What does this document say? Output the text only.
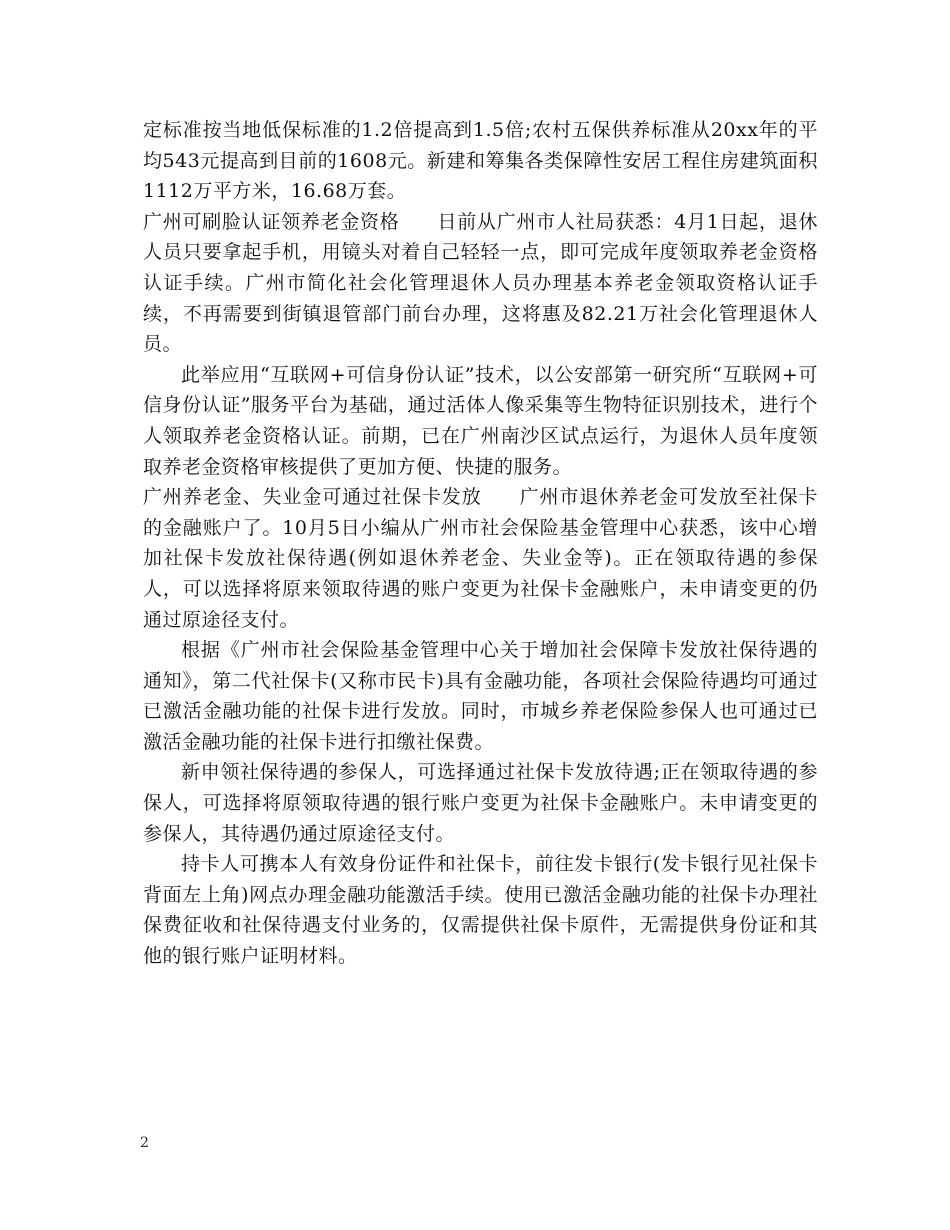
定标准按当地低保标准的1.2倍提高到1.5倍;农村五保供养标准从20xx年的平均543元提高到目前的1608元。新建和筹集各类保障性安居工程住房建筑面积1112万平方米，16.68万套。

广州可刷脸认证领养老金资格 日前从广州市人社局获悉：4月1日起，退休人员只要拿起手机，用镜头对着自己轻轻一点，即可完成年度领取养老金资格认证手续。广州市简化社会化管理退休人员办理基本养老金领取资格认证手续，不再需要到街镇退管部门前台办理，这将惠及82.21万社会化管理退休人员。

此举应用“互联网+可信身份认证”技术，以公安部第一研究所“互联网+可信身份认证”服务平台为基础，通过活体人像采集等生物特征识别技术，进行个人领取养老金资格认证。前期，已在广州南沙区试点运行，为退休人员年度领取养老金资格审核提供了更加方便、快捷的服务。

广州养老金、失业金可通过社保卡发放 广州市退休养老金可发放至社保卡的金融账户了。10月5日小编从广州市社会保险基金管理中心获悉，该中心增加社保卡发放社保待遇(例如退休养老金、失业金等)。正在领取待遇的参保人，可以选择将原来领取待遇的账户变更为社保卡金融账户，未申请变更的仍通过原途径支付。

根据《广州市社会保险基金管理中心关于增加社会保障卡发放社保待遇的通知》，第二代社保卡(又称市民卡)具有金融功能，各项社会保险待遇均可通过已激活金融功能的社保卡进行发放。同时，市城乡养老保险参保人也可通过已激活金融功能的社保卡进行扣缴社保费。

新申领社保待遇的参保人，可选择通过社保卡发放待遇;正在领取待遇的参保人，可选择将原领取待遇的银行账户变更为社保卡金融账户。未申请变更的参保人，其待遇仍通过原途径支付。

持卡人可携本人有效身份证件和社保卡，前往发卡银行(发卡银行见社保卡背面左上角)网点办理金融功能激活手续。使用已激活金融功能的社保卡办理社保费征收和社保待遇支付业务的，仅需提供社保卡原件，无需提供身份证和其他的银行账户证明材料。

2
